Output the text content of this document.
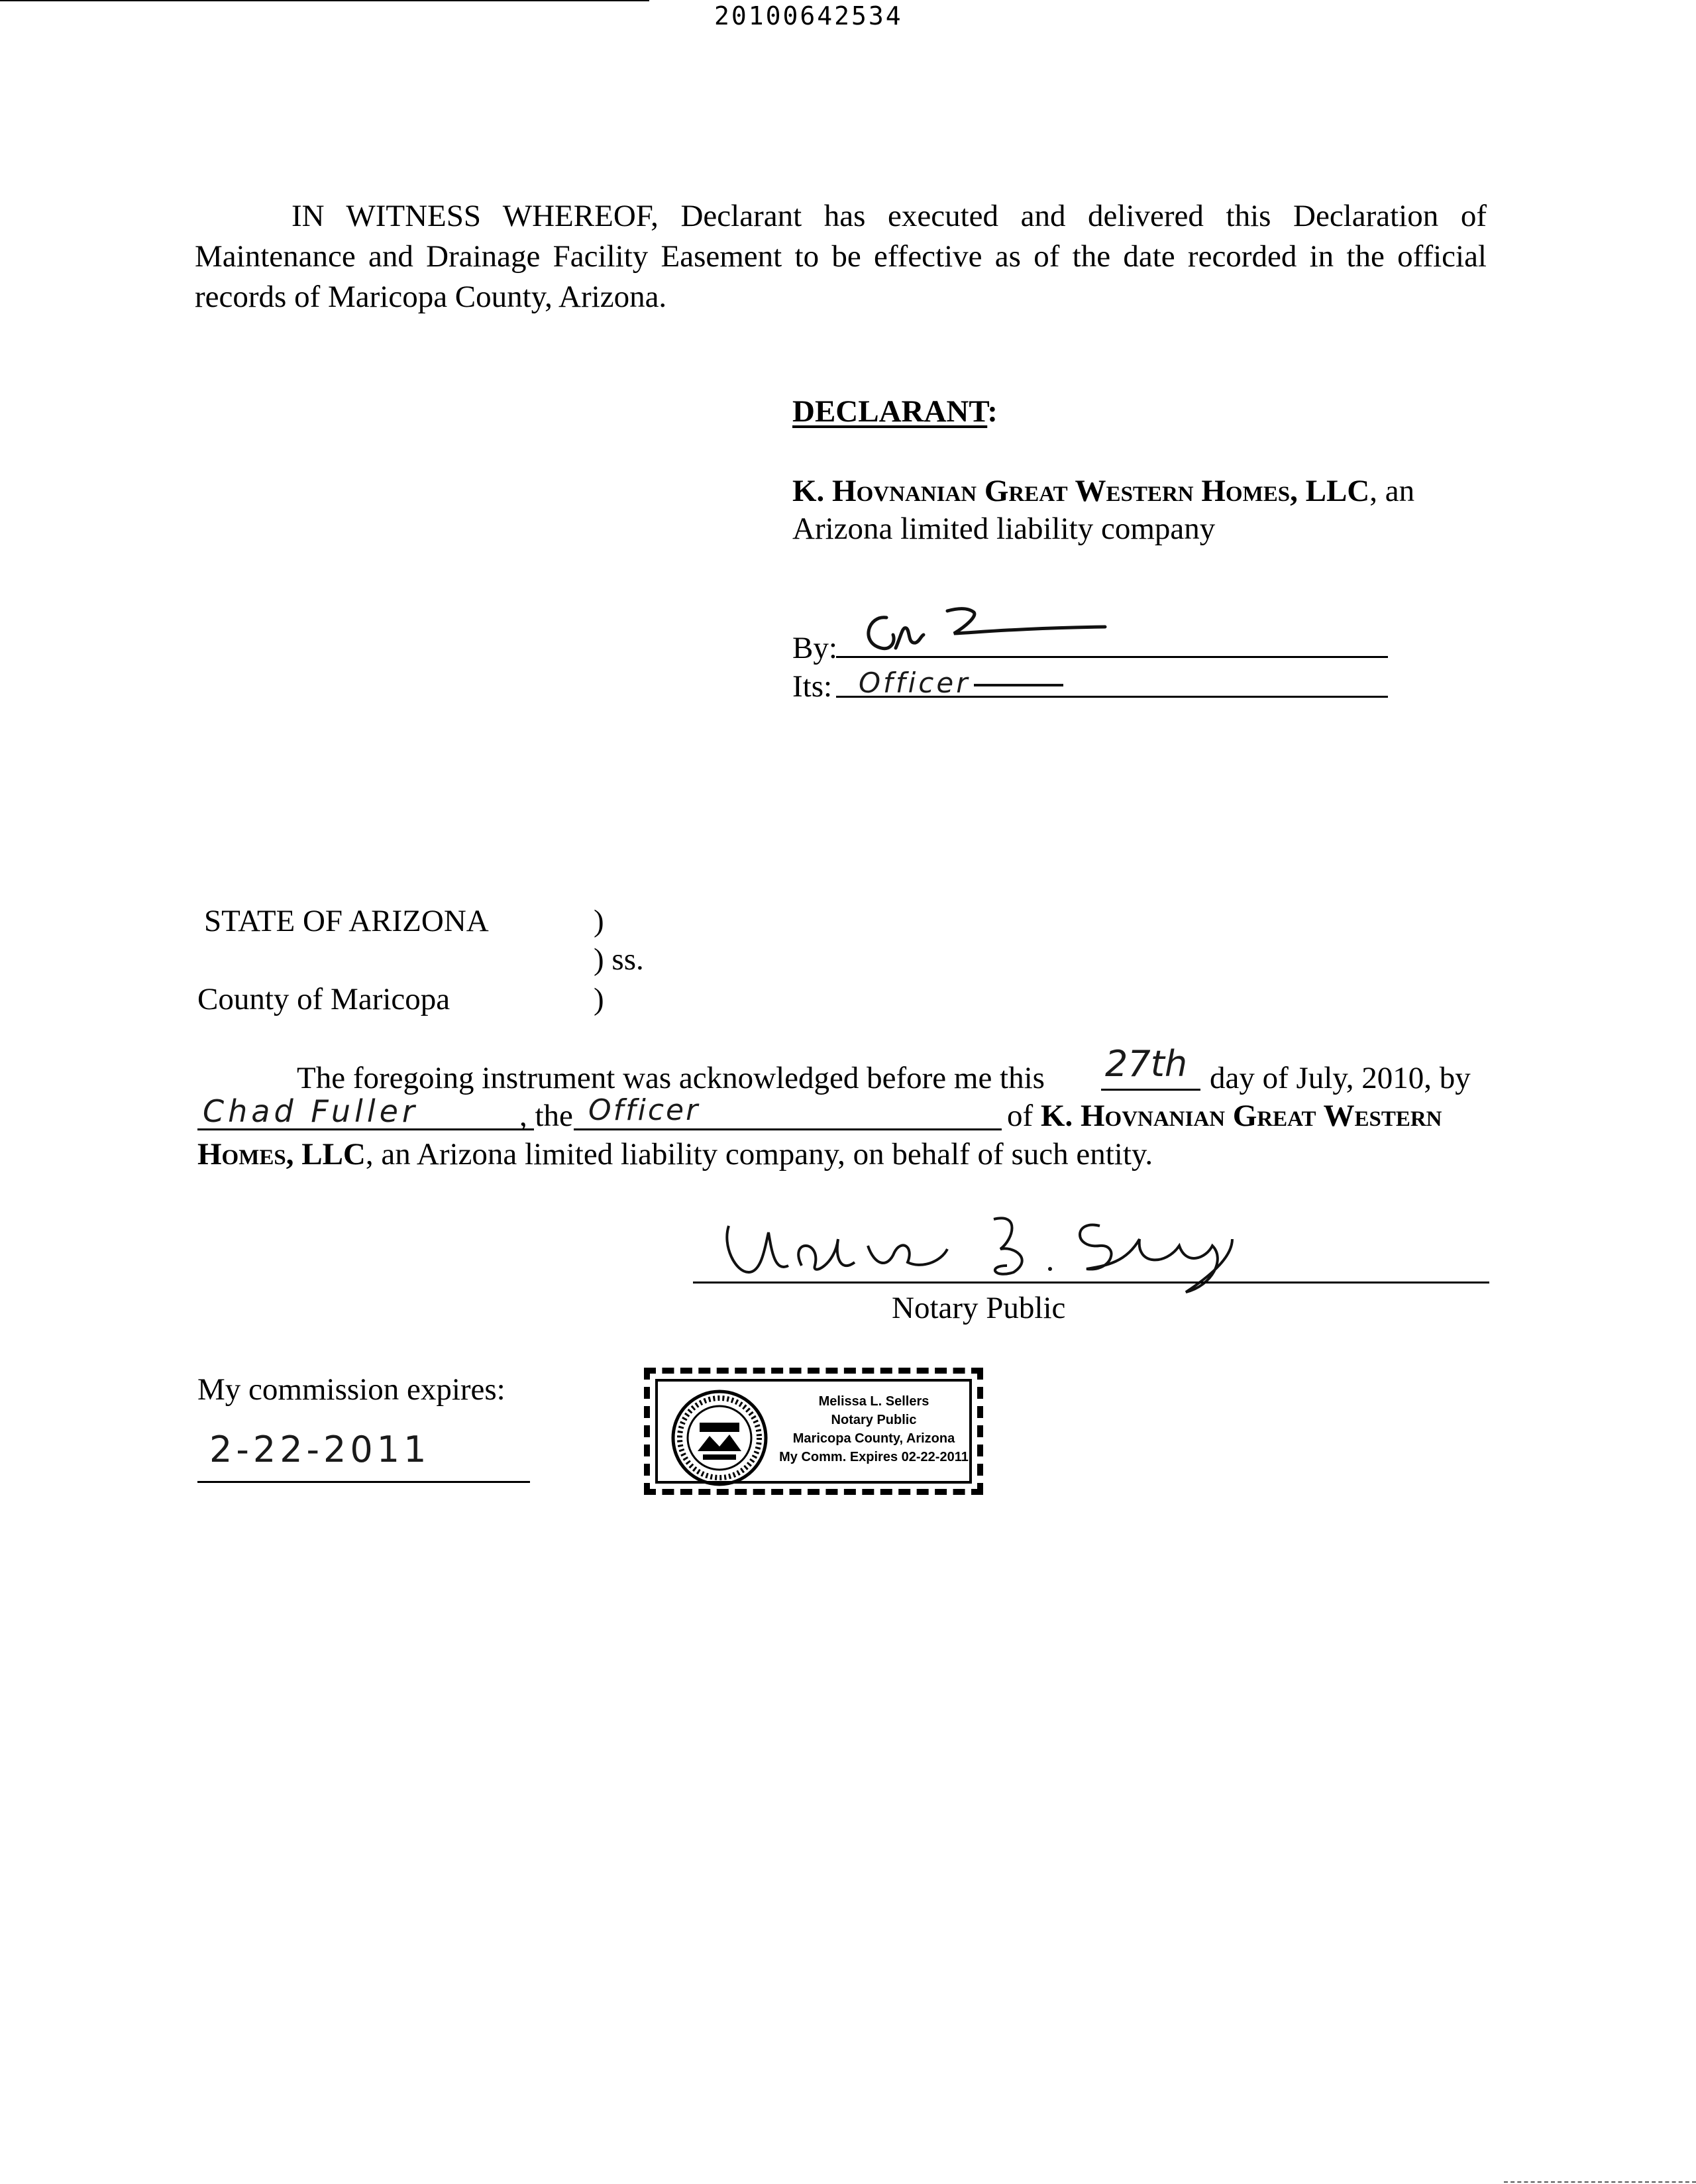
20100642534
IN WITNESS WHEREOF, Declarant has executed and delivered this Declaration of
Maintenance and Drainage Facility Easement to be effective as of the date recorded in the official
records of Maricopa County, Arizona.
DECLARANT:
K. Hovnanian Great Western Homes, LLC, an
Arizona limited liability company
By:
Its: Officer
STATE OF ARIZONA	)
) ss.
County of Maricopa	)
The foregoing instrument was acknowledged before me this 27th day of July, 2010, by
Chad Fuller	, the Officer	of K. Hovnanian Great Western
Homes, LLC, an Arizona limited liability company, on behalf of such entity.
Notary Public
My commission expires:
2-22-2011
Melissa L. Sellers
Notary Public
Maricopa County, Arizona
My Comm. Expires 02-22-2011
